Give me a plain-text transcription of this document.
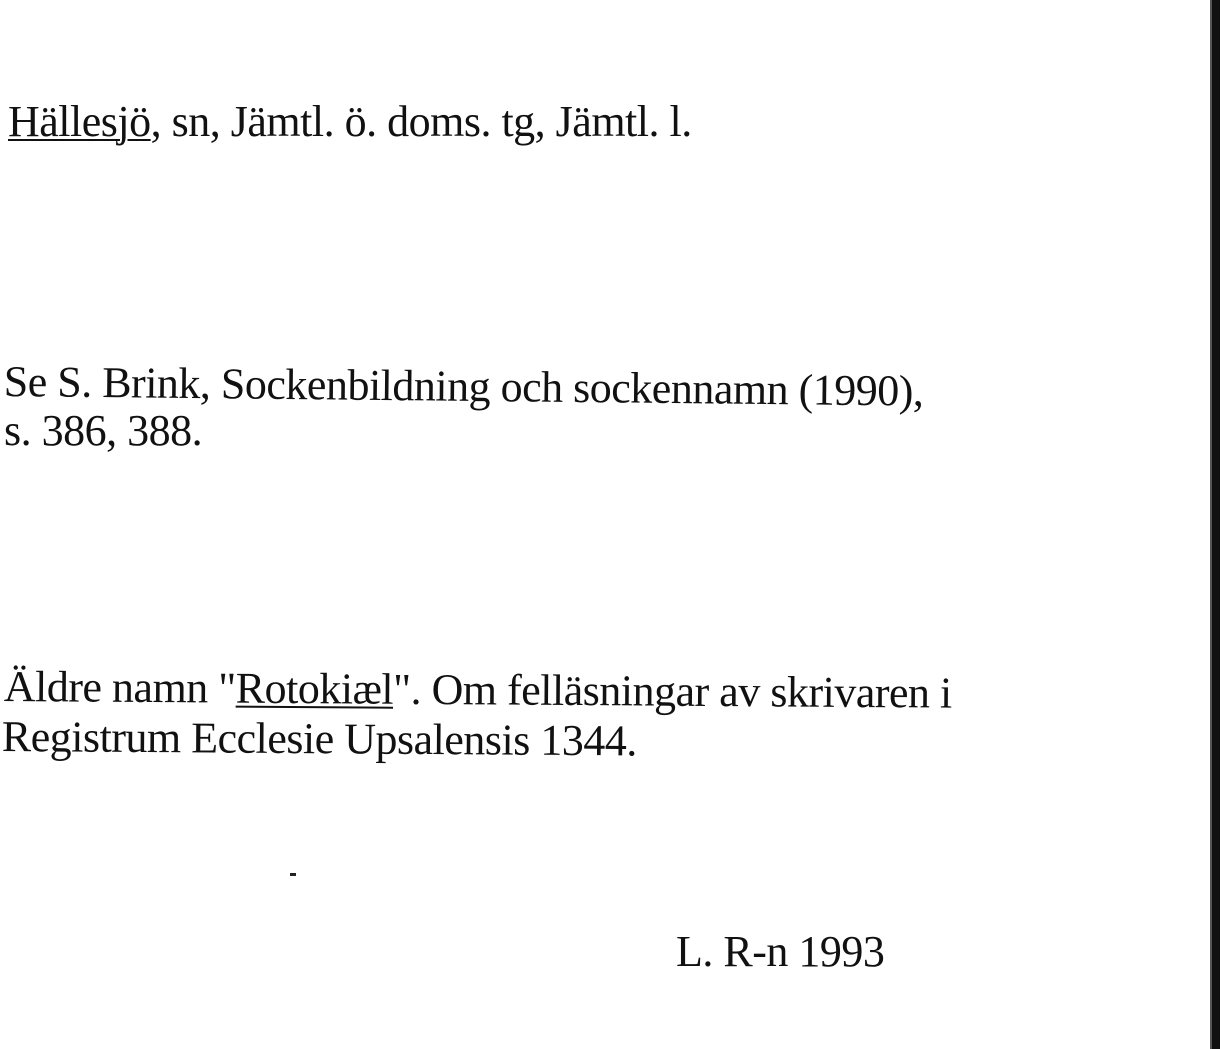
Hällesjö, sn, Jämtl. ö. doms. tg, Jämtl. l.
Se S. Brink, Sockenbildning och sockennamn (1990),
s. 386, 388.
Äldre namn "Rotokiæl". Om felläsningar av skrivaren i
Registrum Ecclesie Upsalensis 1344.
L. R-n 1993
